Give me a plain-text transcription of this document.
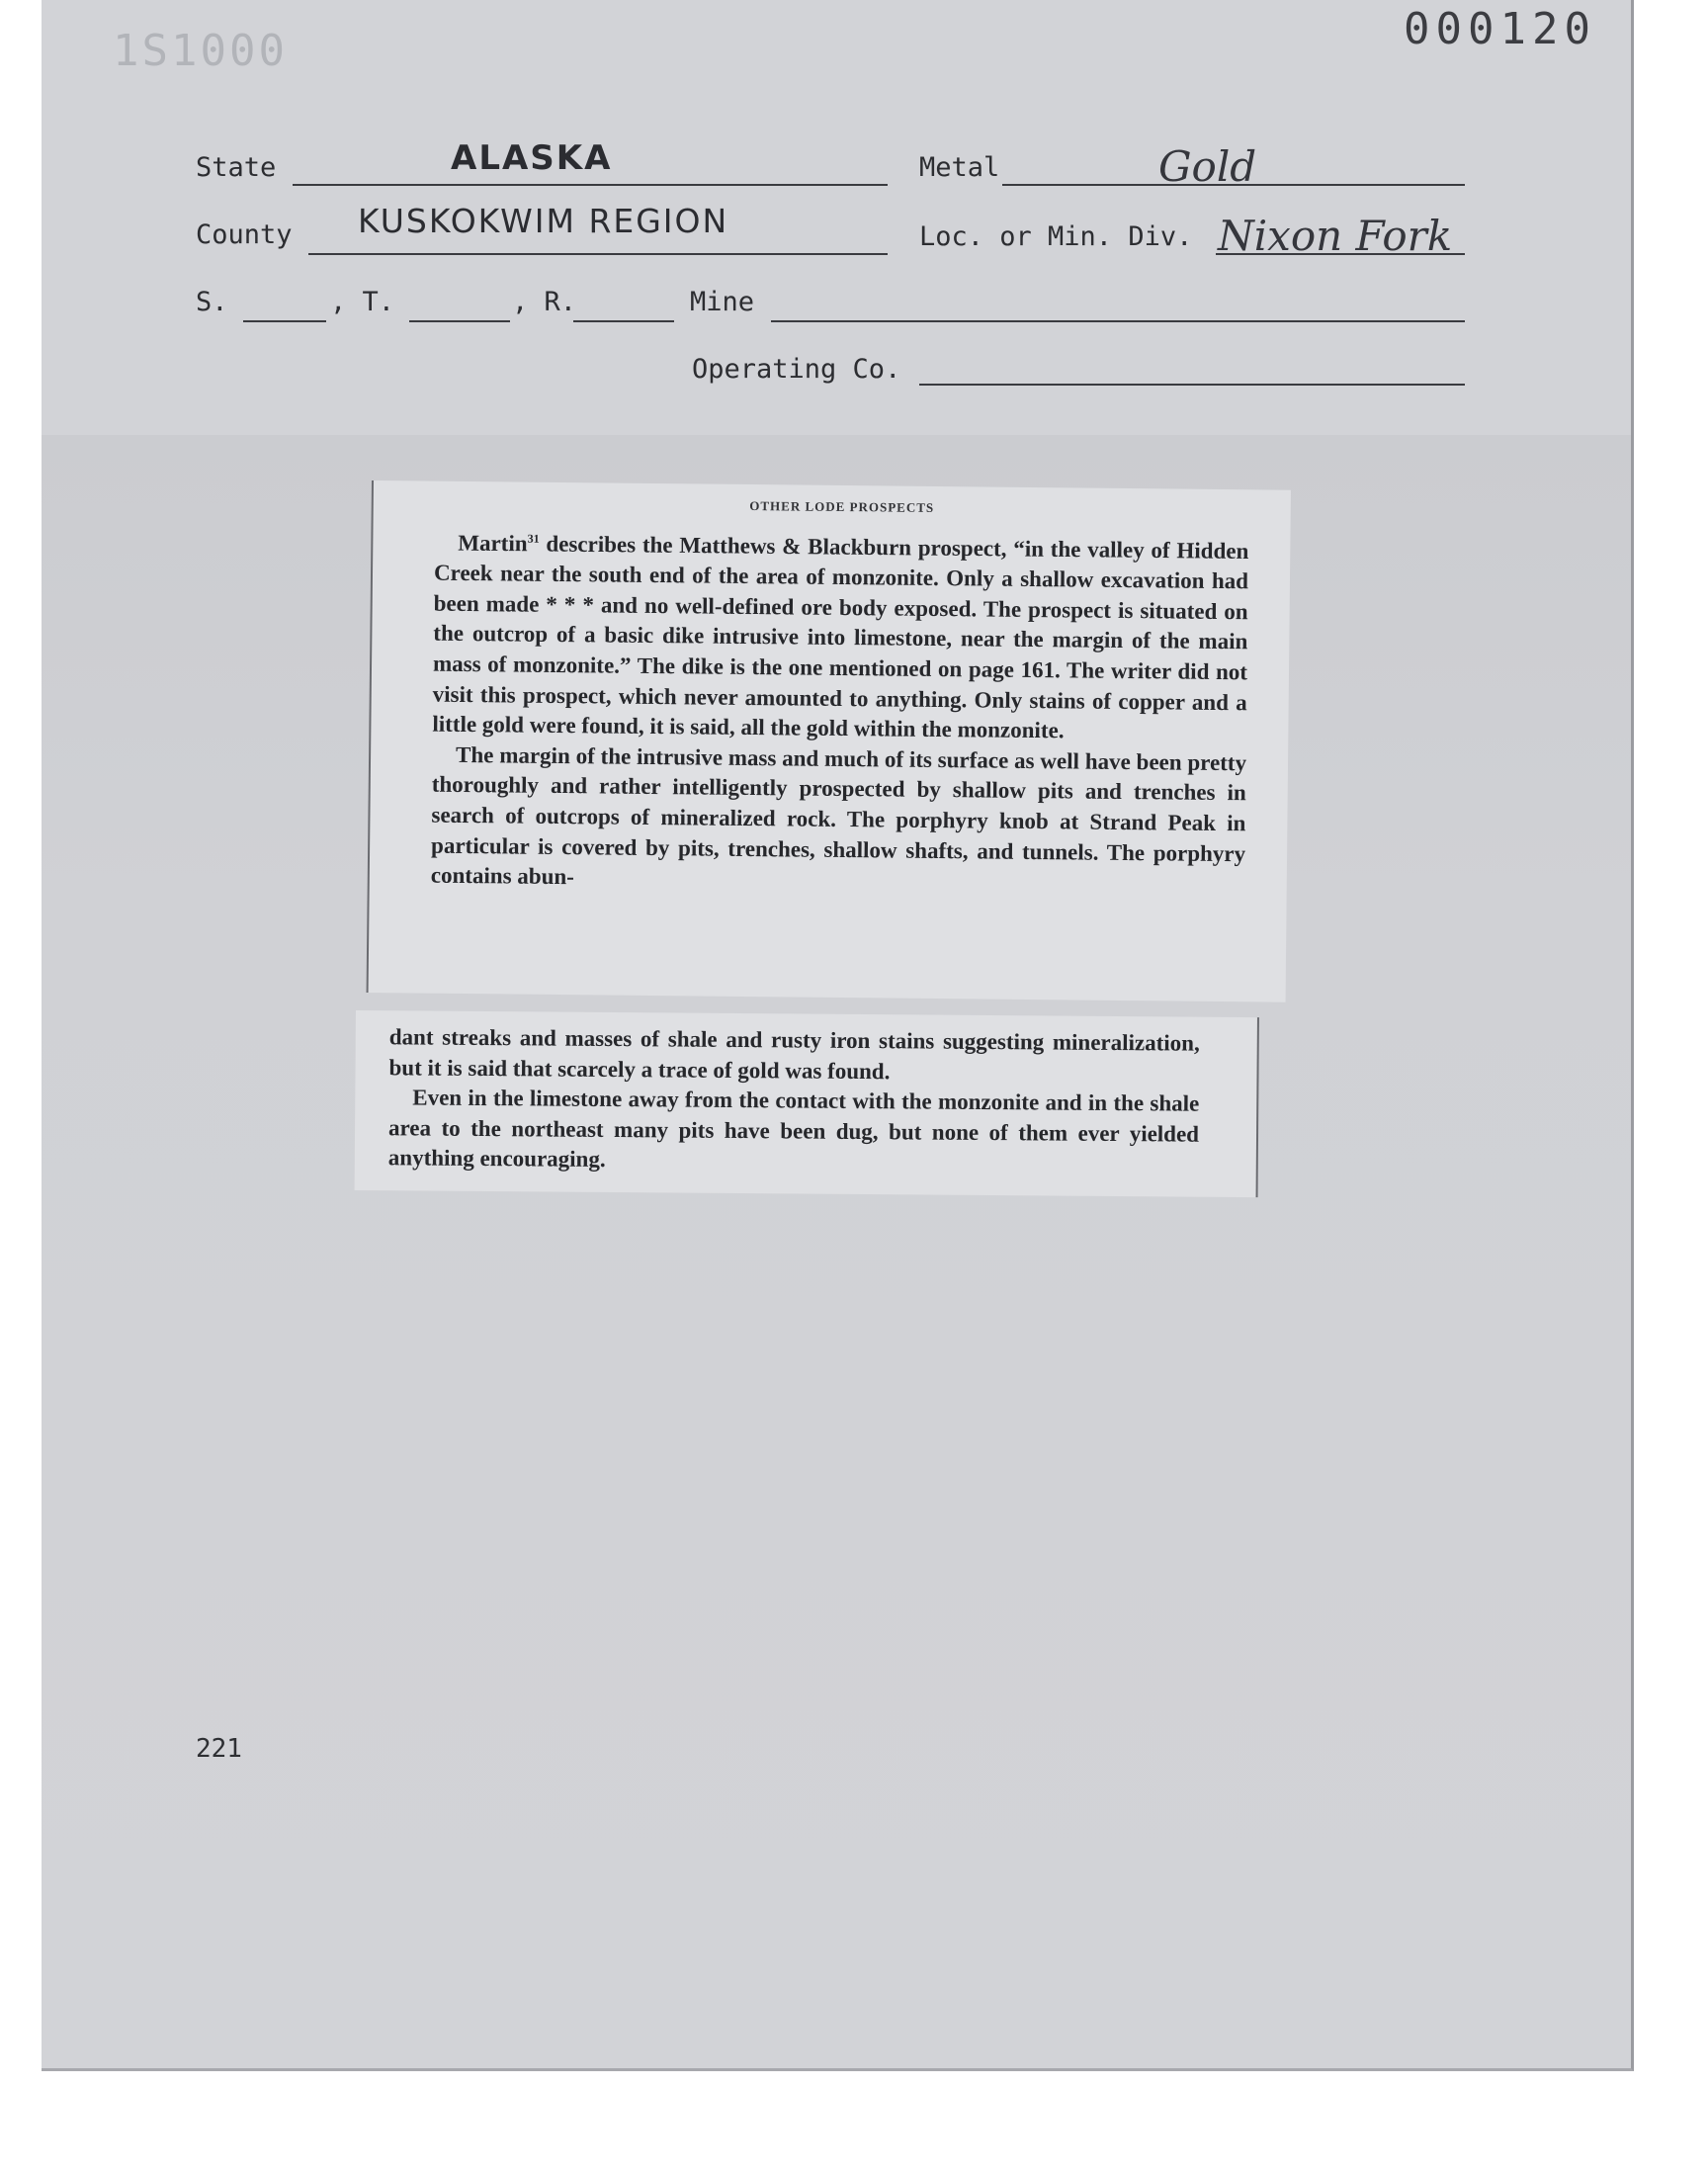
1S1000	000120
State	ALASKA	Metal	Gold
County KUSKOKWIM REGION	Loc. or Min. Div. Nixon Fork
S.	, T.	, R.	Mine
Operating Co.
OTHER LODE PROSPECTS

Martin$^{31}$ describes the Matthews & Blackburn prospect, “in the valley of Hidden Creek near the south end of the area of monzonite. Only a shallow excavation had been made * * * and no well-defined ore body exposed. The prospect is situated on the outcrop of a basic dike intrusive into limestone, near the margin of the main mass of monzonite.” The dike is the one mentioned on page 161. The writer did not visit this prospect, which never amounted to anything. Only stains of copper and a little gold were found, it is said, all the gold within the monzonite.

The margin of the intrusive mass and much of its surface as well have been pretty thoroughly and rather intelligently prospected by shallow pits and trenches in search of outcrops of mineralized rock. The porphyry knob at Strand Peak in particular is covered by pits, trenches, shallow shafts, and tunnels. The porphyry contains abun-

dant streaks and masses of shale and rusty iron stains suggesting mineralization, but it is said that scarcely a trace of gold was found.

Even in the limestone away from the contact with the monzonite and in the shale area to the northeast many pits have been dug, but none of them ever yielded anything encouraging.

221
